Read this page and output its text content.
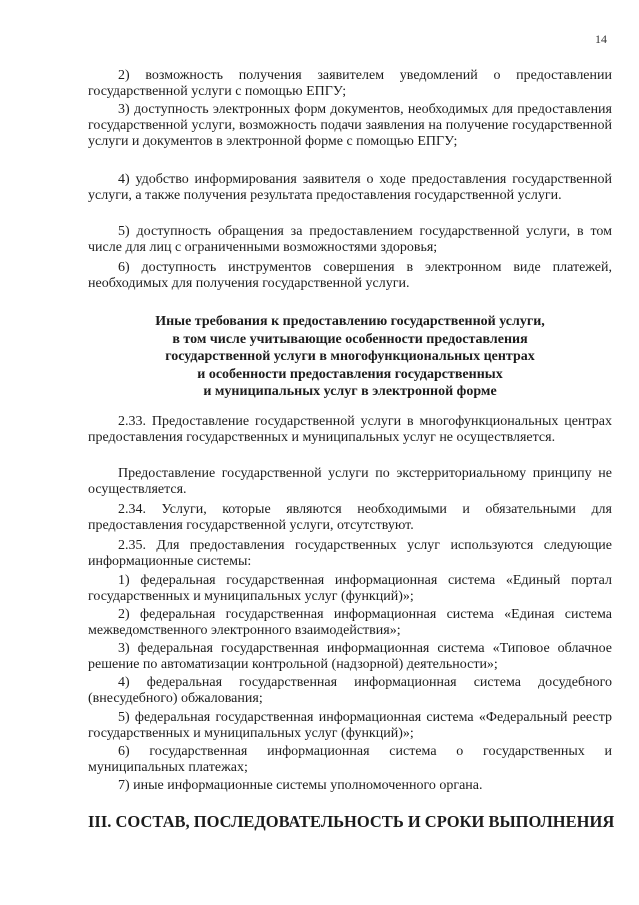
14
2) возможность получения заявителем уведомлений о предоставлении государственной услуги с помощью ЕПГУ;
3) доступность электронных форм документов, необходимых для предоставления государственной услуги, возможность подачи заявления на получение государственной услуги и документов в электронной форме с помощью ЕПГУ;
4) удобство информирования заявителя о ходе предоставления государственной услуги, а также получения результата предоставления государственной услуги.
5) доступность обращения за предоставлением государственной услуги, в том числе для лиц с ограниченными возможностями здоровья;
6) доступность инструментов совершения в электронном виде платежей, необходимых для получения государственной услуги.
Иные требования к предоставлению государственной услуги,
в том числе учитывающие особенности предоставления
государственной услуги в многофункциональных центрах
и особенности предоставления государственных
и муниципальных услуг в электронной форме
2.33. Предоставление государственной услуги в многофункциональных центрах предоставления государственных и муниципальных услуг не осуществляется.
Предоставление государственной услуги по экстерриториальному принципу не осуществляется.
2.34. Услуги, которые являются необходимыми и обязательными для предоставления государственной услуги, отсутствуют.
2.35. Для предоставления государственных услуг используются следующие информационные системы:
1) федеральная государственная информационная система «Единый портал государственных и муниципальных услуг (функций)»;
2) федеральная государственная информационная система «Единая система межведомственного электронного взаимодействия»;
3) федеральная государственная информационная система «Типовое облачное решение по автоматизации контрольной (надзорной) деятельности»;
4) федеральная государственная информационная система досудебного (внесудебного) обжалования;
5) федеральная государственная информационная система «Федеральный реестр государственных и муниципальных услуг (функций)»;
6) государственная информационная система о государственных и муниципальных платежах;
7) иные информационные системы уполномоченного органа.
III. СОСТАВ, ПОСЛЕДОВАТЕЛЬНОСТЬ И СРОКИ ВЫПОЛНЕНИЯ
